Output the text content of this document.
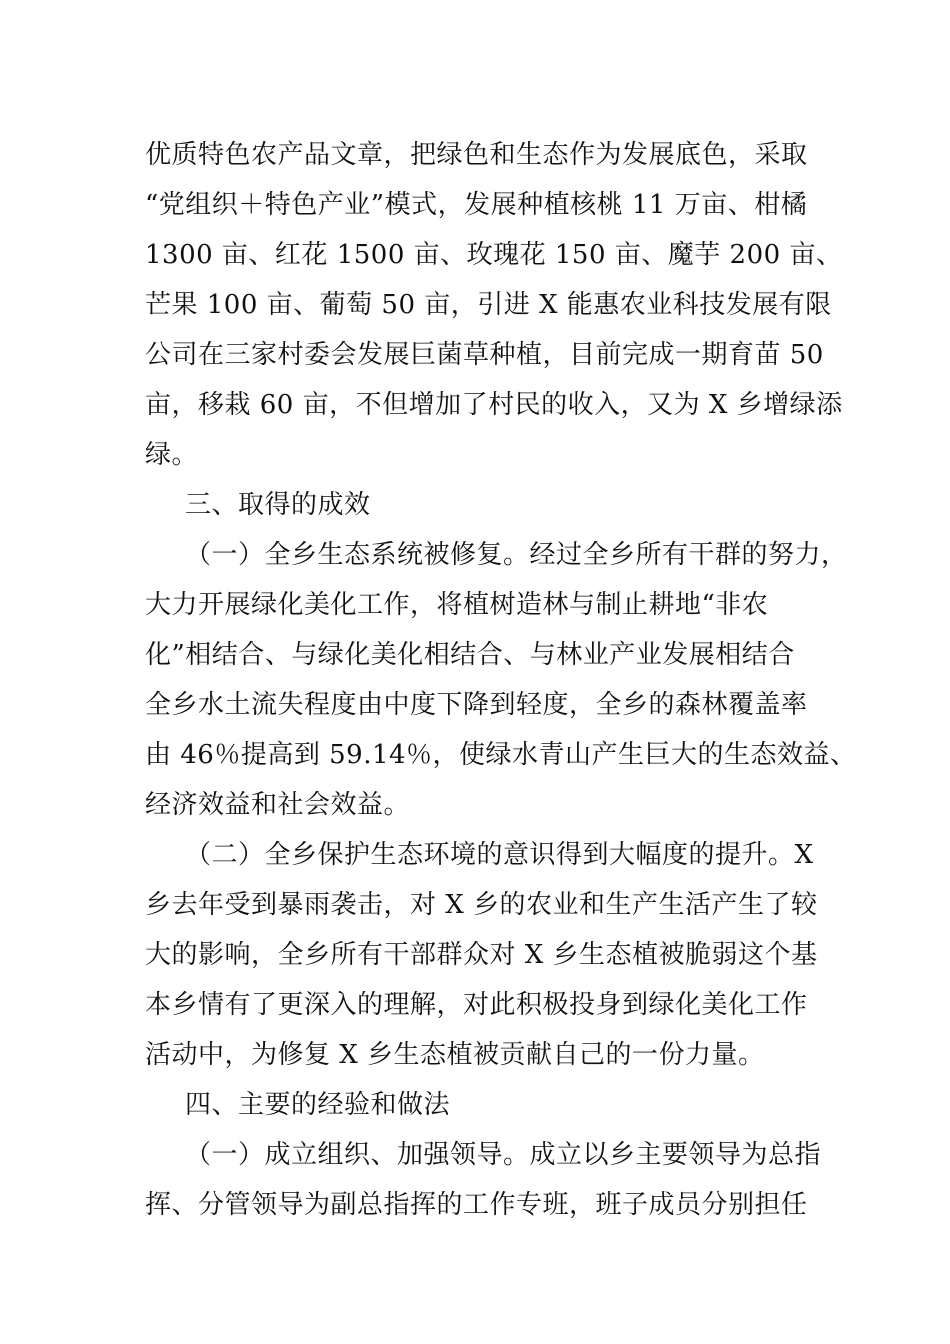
优质特色农产品文章，把绿色和生态作为发展底色，采取
“党组织＋特色产业”模式，发展种植核桃 11 万亩、柑橘
1300 亩、红花 1500 亩、玫瑰花 150 亩、魔芋 200 亩、
芒果 100 亩、葡萄 50 亩，引进 X 能惠农业科技发展有限
公司在三家村委会发展巨菌草种植，目前完成一期育苗 50
亩，移栽 60 亩，不但增加了村民的收入，又为 X 乡增绿添
绿。
三、取得的成效
（一）全乡生态系统被修复。经过全乡所有干群的努力，
大力开展绿化美化工作，将植树造林与制止耕地“非农
化”相结合、与绿化美化相结合、与林业产业发展相结合
全乡水土流失程度由中度下降到轻度，全乡的森林覆盖率
由 46％提高到 59.14％，使绿水青山产生巨大的生态效益、
经济效益和社会效益。
（二）全乡保护生态环境的意识得到大幅度的提升。X
乡去年受到暴雨袭击，对 X 乡的农业和生产生活产生了较
大的影响，全乡所有干部群众对 X 乡生态植被脆弱这个基
本乡情有了更深入的理解，对此积极投身到绿化美化工作
活动中，为修复 X 乡生态植被贡献自己的一份力量。
四、主要的经验和做法
（一）成立组织、加强领导。成立以乡主要领导为总指
挥、分管领导为副总指挥的工作专班，班子成员分别担任
